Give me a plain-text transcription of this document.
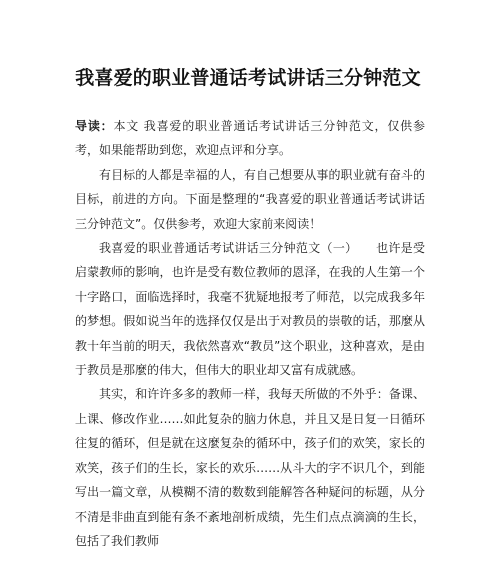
我喜爱的职业普通话考试讲话三分钟范文

导读：本文 我喜爱的职业普通话考试讲话三分钟范文，仅供参考，如果能帮助到您，欢迎点评和分享。

有目标的人都是幸福的人，有自己想要从事的职业就有奋斗的目标，前进的方向。下面是整理的“我喜爱的职业普通话考试讲话三分钟范文”。仅供参考，欢迎大家前来阅读！

我喜爱的职业普通话考试讲话三分钟范文（一）　　也许是受启蒙教师的影响，也许是受有数位教师的恩泽，在我的人生第一个十字路口，面临选择时，我毫不犹疑地报考了师范，以完成我多年的梦想。假如说当年的选择仅仅是出于对教员的崇敬的话，那麼从教十年当前的明天，我依然喜欢“教员”这个职业，这种喜欢，是由于教员是那麼的伟大，但伟大的职业却又富有成就感。

其实，和许许多多的教师一样，我每天所做的不外乎：备课、上课、修改作业……如此复杂的脑力休息，并且又是日复一日循环往复的循环，但是就在这麼复杂的循环中，孩子们的欢笑，家长的欢笑，孩子们的生长，家长的欢乐……从斗大的字不识几个，到能写出一篇文章，从模糊不清的数数到能解答各种疑问的标题，从分不清是非曲直到能有条不紊地剖析成绩，先生们点点滴滴的生长，包括了我们教师
